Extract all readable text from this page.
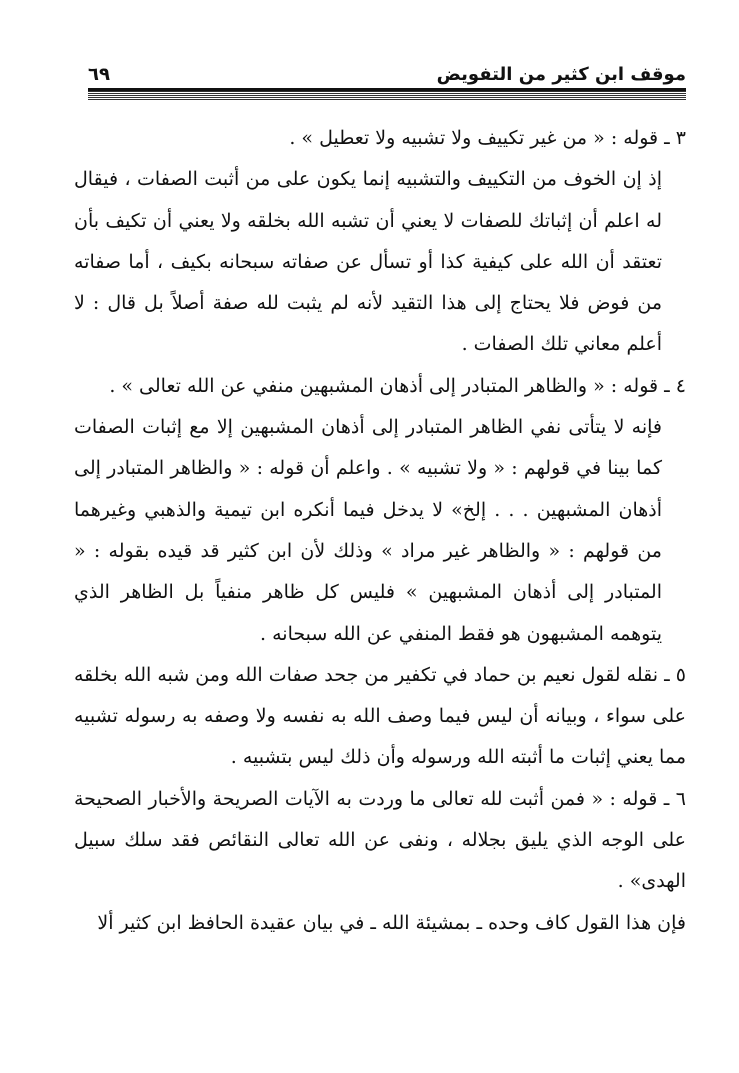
موقف ابن كثير من التفويض
٦٩

٣ ـ قوله : « من غير تكييف ولا تشبيه ولا تعطيل » .

إذ إن الخوف من التكييف والتشبيه إنما يكون على من أثبت الصفات ، فيقال له اعلم أن إثباتك للصفات لا يعني أن تشبه الله بخلقه ولا يعني أن تكيف بأن تعتقد أن الله على كيفية كذا أو تسأل عن صفاته سبحانه بكيف ، أما صفاته من فوض فلا يحتاج إلى هذا التقيد لأنه لم يثبت لله صفة أصلاً بل قال : لا أعلم معاني تلك الصفات .

٤ ـ قوله : « والظاهر المتبادر إلى أذهان المشبهين منفي عن الله تعالى » .

فإنه لا يتأتى نفي الظاهر المتبادر إلى أذهان المشبهين إلا مع إثبات الصفات كما بينا في قولهم : « ولا تشبيه » . واعلم أن قوله : « والظاهر المتبادر إلى أذهان المشبهين . . . إلخ» لا يدخل فيما أنكره ابن تيمية والذهبي وغيرهما من قولهم : « والظاهر غير مراد » وذلك لأن ابن كثير قد قيده بقوله : « المتبادر إلى أذهان المشبهين » فليس كل ظاهر منفياً بل الظاهر الذي يتوهمه المشبهون هو فقط المنفي عن الله سبحانه .

٥ ـ نقله لقول نعيم بن حماد في تكفير من جحد صفات الله ومن شبه الله بخلقه على سواء ، وبيانه أن ليس فيما وصف الله به نفسه ولا وصفه به رسوله تشبيه مما يعني إثبات ما أثبته الله ورسوله وأن ذلك ليس بتشبيه .

٦ ـ قوله : « فمن أثبت لله تعالى ما وردت به الآيات الصريحة والأخبار الصحيحة على الوجه الذي يليق بجلاله ، ونفى عن الله تعالى النقائص فقد سلك سبيل الهدى» .

فإن هذا القول كاف وحده ـ بمشيئة الله ـ في بيان عقيدة الحافظ ابن كثير ألا
